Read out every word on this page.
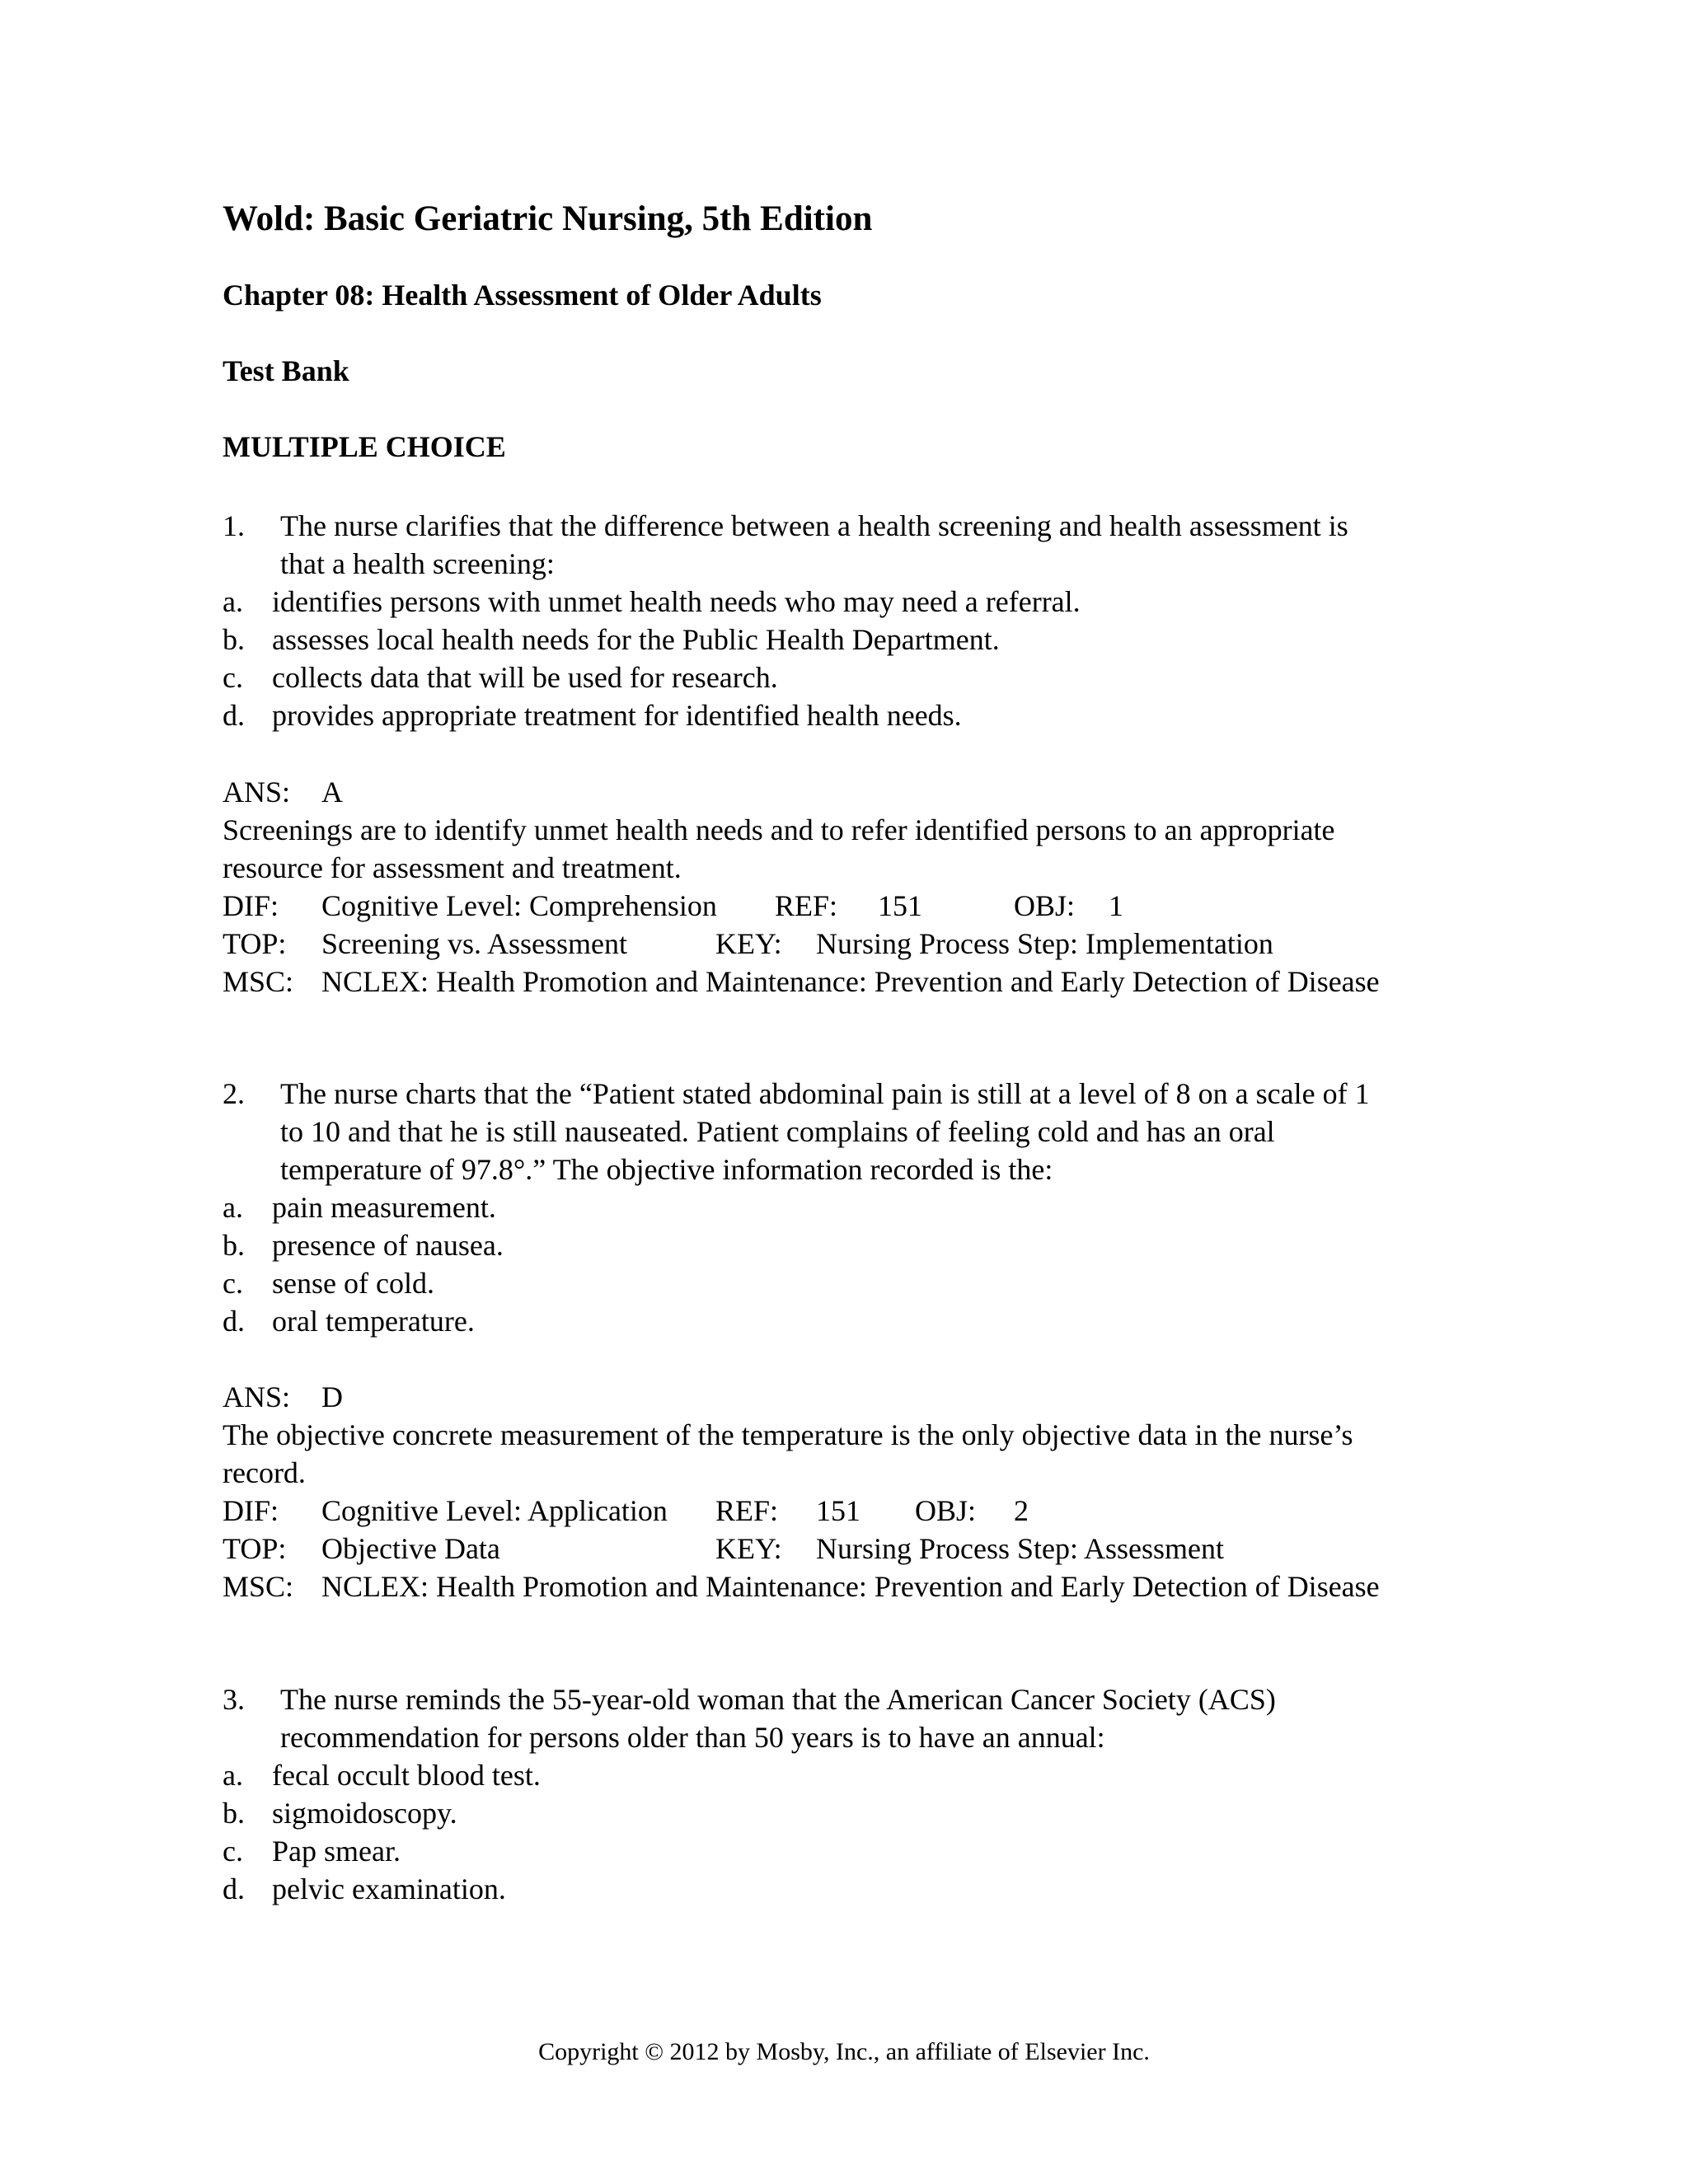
Wold: Basic Geriatric Nursing, 5th Edition
Chapter 08: Health Assessment of Older Adults
Test Bank
MULTIPLE CHOICE
1.	The nurse clarifies that the difference between a health screening and health assessment is that a health screening:
a. identifies persons with unmet health needs who may need a referral.
b. assesses local health needs for the Public Health Department.
c. collects data that will be used for research.
d. provides appropriate treatment for identified health needs.
ANS:	A
Screenings are to identify unmet health needs and to refer identified persons to an appropriate resource for assessment and treatment.
DIF: Cognitive Level: Comprehension REF: 151	OBJ: 1
TOP: Screening vs. Assessment	KEY: Nursing Process Step: Implementation
MSC: NCLEX: Health Promotion and Maintenance: Prevention and Early Detection of Disease
2.	The nurse charts that the “Patient stated abdominal pain is still at a level of 8 on a scale of 1 to 10 and that he is still nauseated. Patient complains of feeling cold and has an oral temperature of 97.8°.” The objective information recorded is the:
a. pain measurement.
b. presence of nausea.
c. sense of cold.
d. oral temperature.
ANS:	D
The objective concrete measurement of the temperature is the only objective data in the nurse’s record.
DIF: Cognitive Level: Application REF: 151 OBJ: 2
TOP: Objective Data	KEY: Nursing Process Step: Assessment
MSC: NCLEX: Health Promotion and Maintenance: Prevention and Early Detection of Disease
3.	The nurse reminds the 55-year-old woman that the American Cancer Society (ACS) recommendation for persons older than 50 years is to have an annual:
a. fecal occult blood test.
b. sigmoidoscopy.
c. Pap smear.
d. pelvic examination.
Copyright © 2012 by Mosby, Inc., an affiliate of Elsevier Inc.
